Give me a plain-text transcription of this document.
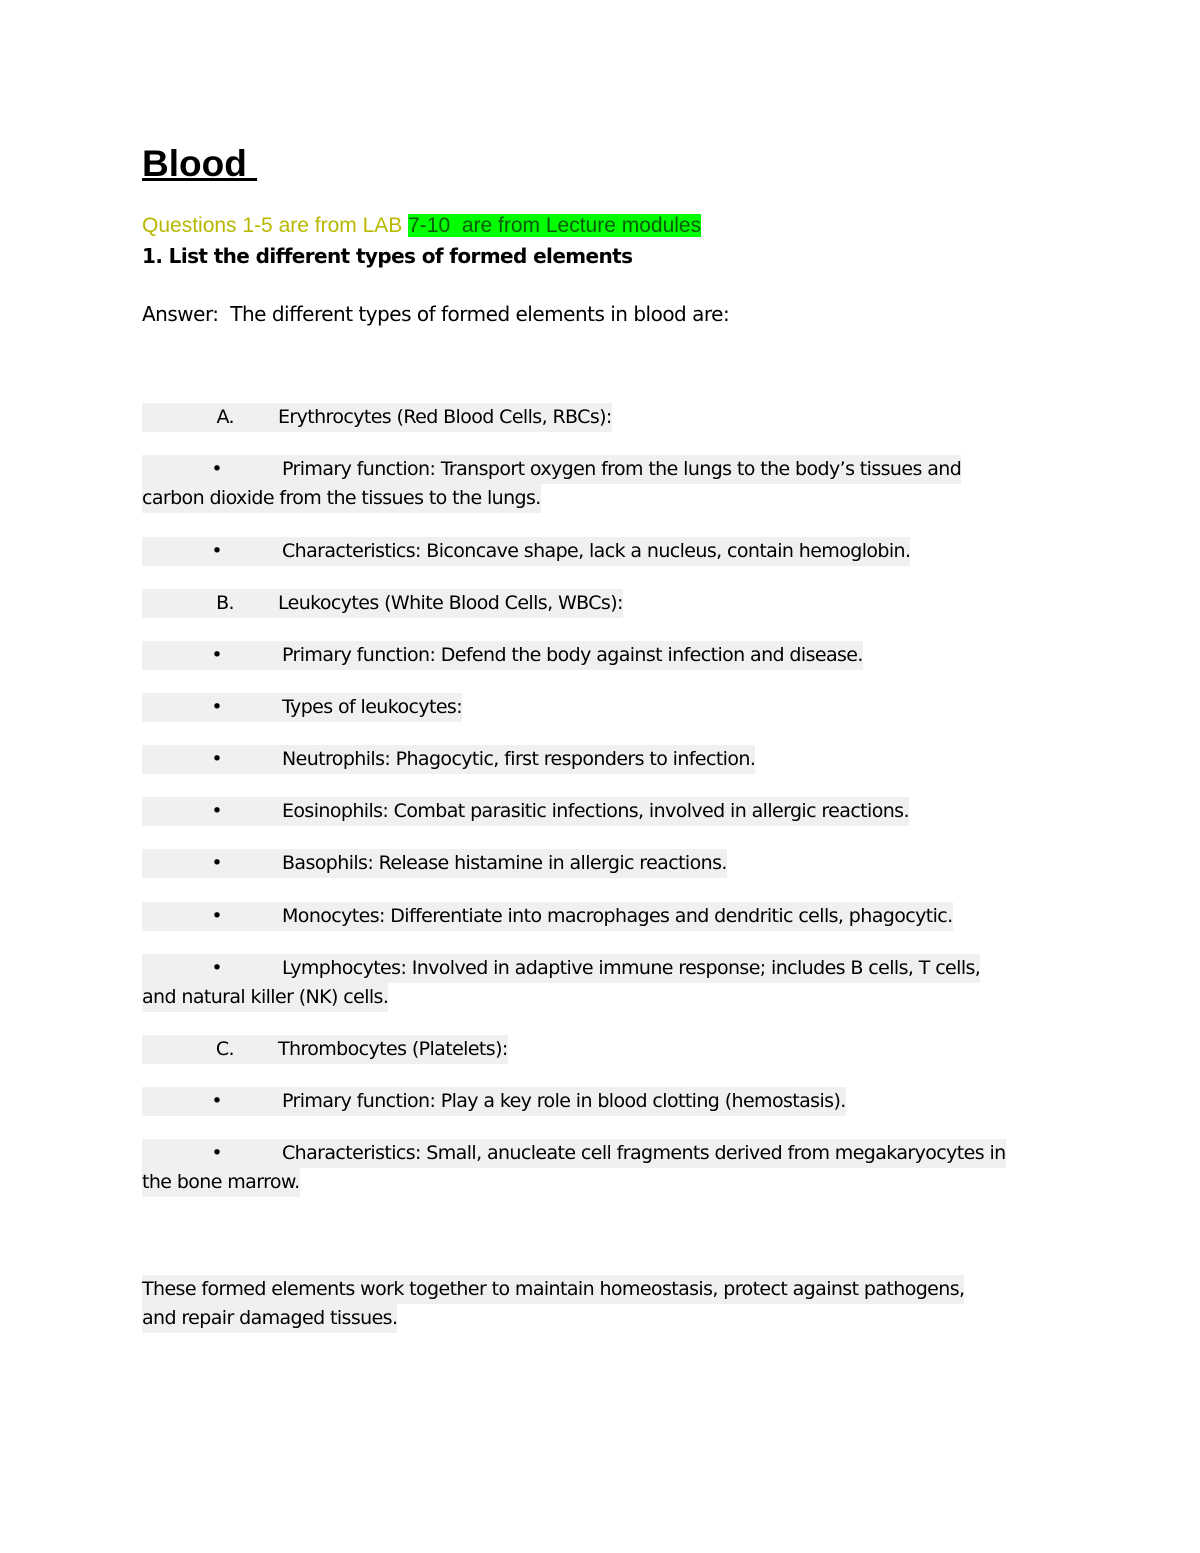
Blood
Questions 1-5 are from LAB 7-10  are from Lecture modules
1. List the different types of formed elements
Answer:  The different types of formed elements in blood are:
A. Erythrocytes (Red Blood Cells, RBCs):
•	Primary function: Transport oxygen from the lungs to the body’s tissues and
carbon dioxide from the tissues to the lungs.
•	Characteristics: Biconcave shape, lack a nucleus, contain hemoglobin.
B. Leukocytes (White Blood Cells, WBCs):
•	Primary function: Defend the body against infection and disease.
•	Types of leukocytes:
•	Neutrophils: Phagocytic, first responders to infection.
•	Eosinophils: Combat parasitic infections, involved in allergic reactions.
•	Basophils: Release histamine in allergic reactions.
•	Monocytes: Differentiate into macrophages and dendritic cells, phagocytic.
•	Lymphocytes: Involved in adaptive immune response; includes B cells, T cells,
and natural killer (NK) cells.
C. Thrombocytes (Platelets):
•	Primary function: Play a key role in blood clotting (hemostasis).
•	Characteristics: Small, anucleate cell fragments derived from megakaryocytes in
the bone marrow.
These formed elements work together to maintain homeostasis, protect against pathogens,
and repair damaged tissues.
